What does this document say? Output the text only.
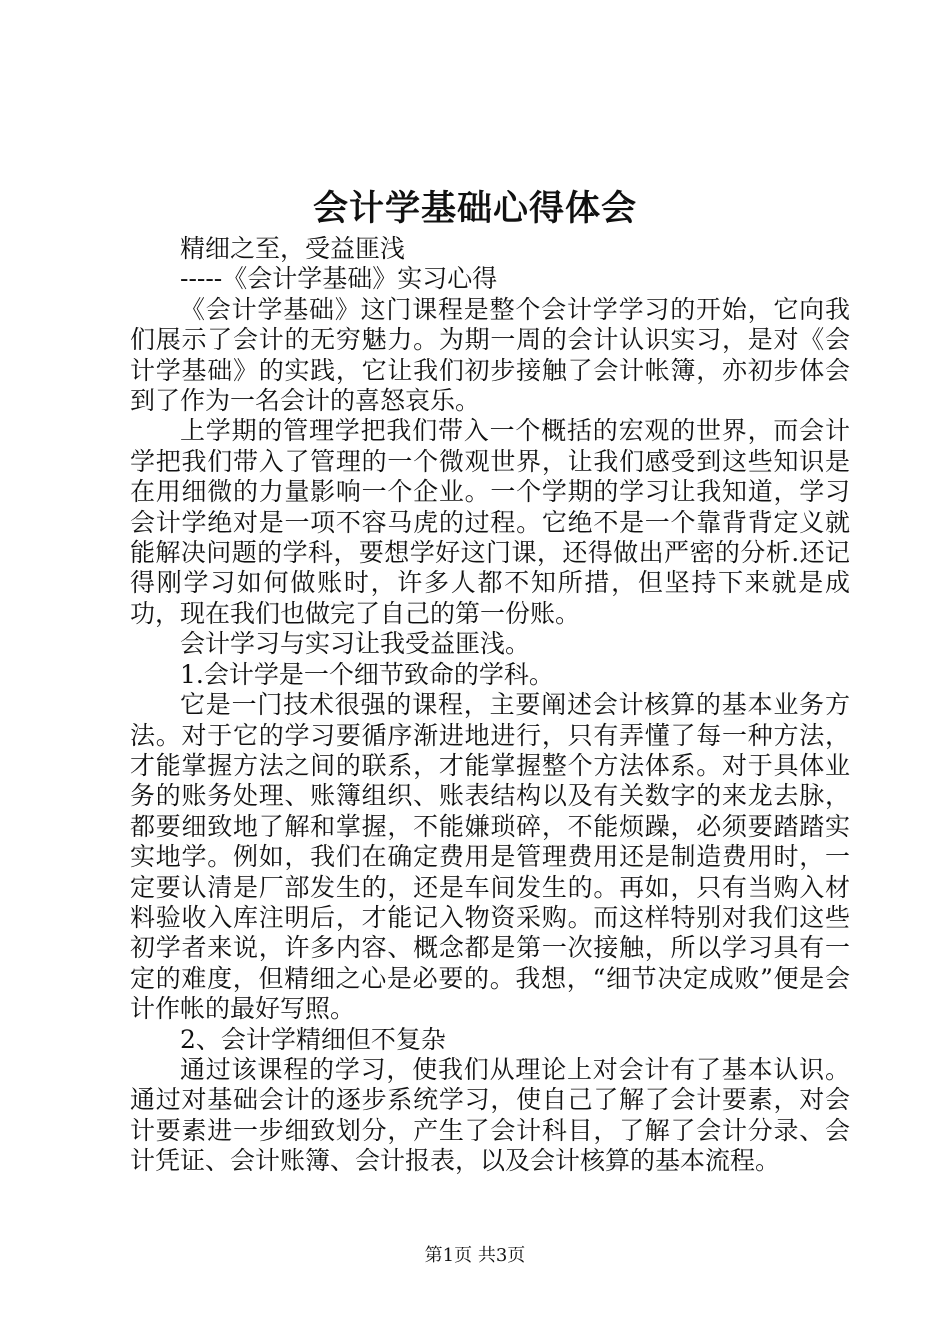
会计学基础心得体会

精细之至，受益匪浅

-----《会计学基础》实习心得

《会计学基础》这门课程是整个会计学学习的开始，它向我们展示了会计的无穷魅力。为期一周的会计认识实习，是对《会计学基础》的实践，它让我们初步接触了会计帐簿，亦初步体会到了作为一名会计的喜怒哀乐。

上学期的管理学把我们带入一个概括的宏观的世界，而会计学把我们带入了管理的一个微观世界，让我们感受到这些知识是在用细微的力量影响一个企业。一个学期的学习让我知道，学习会计学绝对是一项不容马虎的过程。它绝不是一个靠背背定义就能解决问题的学科，要想学好这门课，还得做出严密的分析.还记得刚学习如何做账时，许多人都不知所措，但坚持下来就是成功，现在我们也做完了自己的第一份账。

会计学习与实习让我受益匪浅。

1.会计学是一个细节致命的学科。

它是一门技术很强的课程，主要阐述会计核算的基本业务方法。对于它的学习要循序渐进地进行，只有弄懂了每一种方法，才能掌握方法之间的联系，才能掌握整个方法体系。对于具体业务的账务处理、账簿组织、账表结构以及有关数字的来龙去脉，都要细致地了解和掌握，不能嫌琐碎，不能烦躁，必须要踏踏实实地学。例如，我们在确定费用是管理费用还是制造费用时，一定要认清是厂部发生的，还是车间发生的。再如，只有当购入材料验收入库注明后，才能记入物资采购。而这样特别对我们这些初学者来说，许多内容、概念都是第一次接触，所以学习具有一定的难度，但精细之心是必要的。我想，“细节决定成败”便是会计作帐的最好写照。

2、会计学精细但不复杂

通过该课程的学习，使我们从理论上对会计有了基本认识。通过对基础会计的逐步系统学习，使自己了解了会计要素，对会计要素进一步细致划分，产生了会计科目，了解了会计分录、会计凭证、会计账簿、会计报表，以及会计核算的基本流程。

第1页 共3页
